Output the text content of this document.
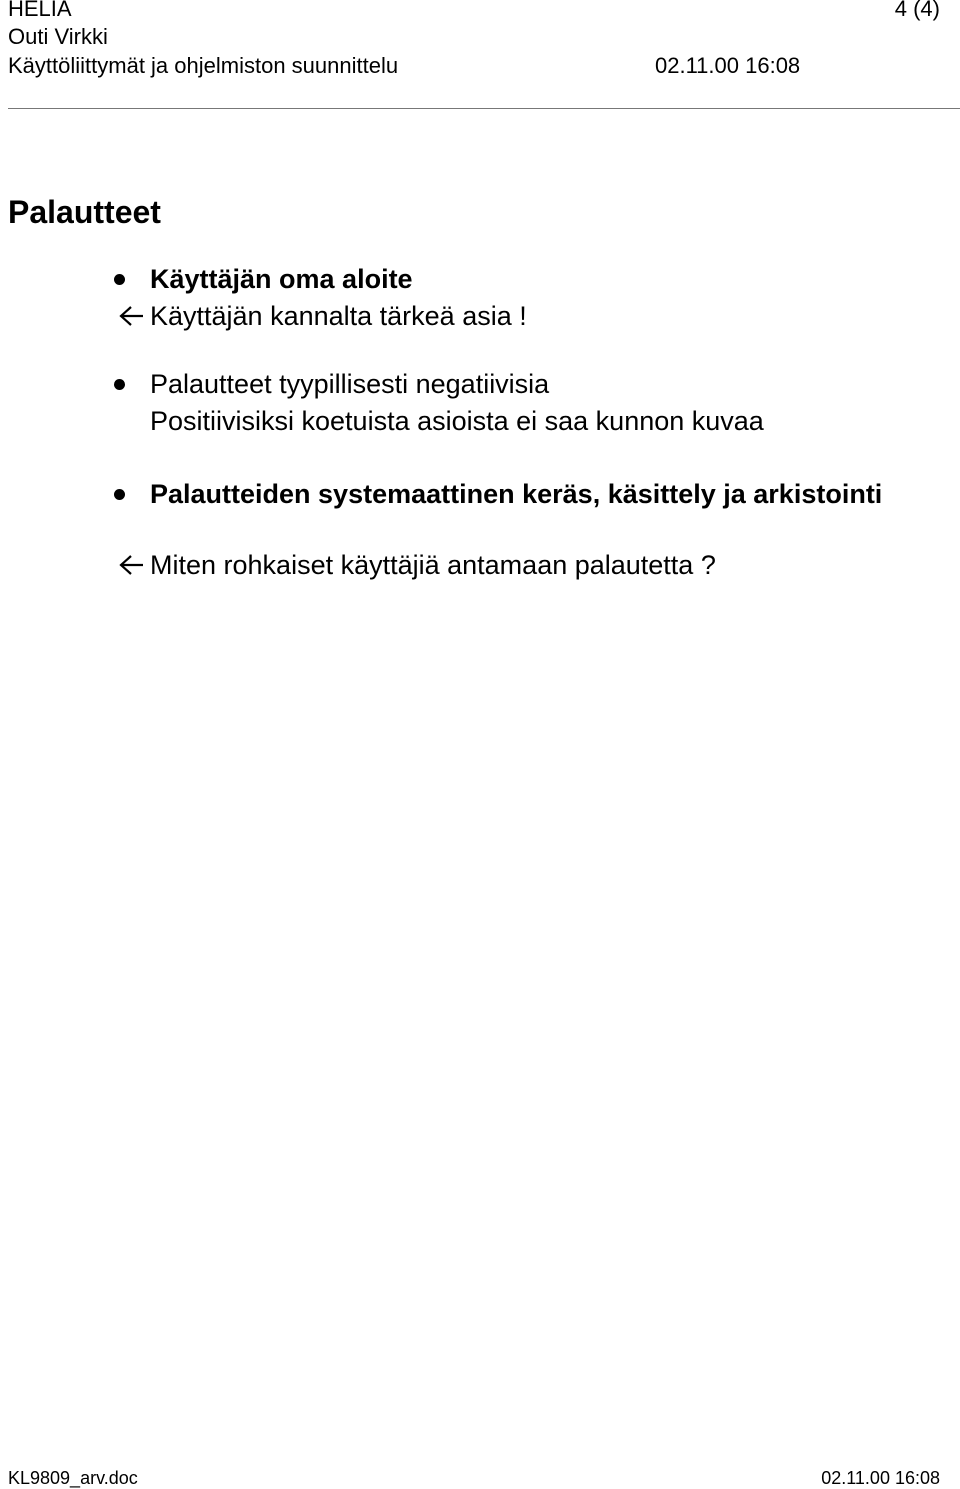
HELIA	4 (4)
Outi Virkki
Käyttöliittymät ja ohjelmiston suunnittelu	02.11.00 16:08
Palautteet
Käyttäjän oma aloite
Käyttäjän kannalta tärkeä asia !
Palautteet tyypillisesti negatiivisia
Positiivisiksi koetuista asioista ei saa kunnon kuvaa
Palautteiden systemaattinen keräs, käsittely ja arkistointi
Miten rohkaiset käyttäjiä antamaan palautetta ?
KL9809_arv.doc	02.11.00 16:08
